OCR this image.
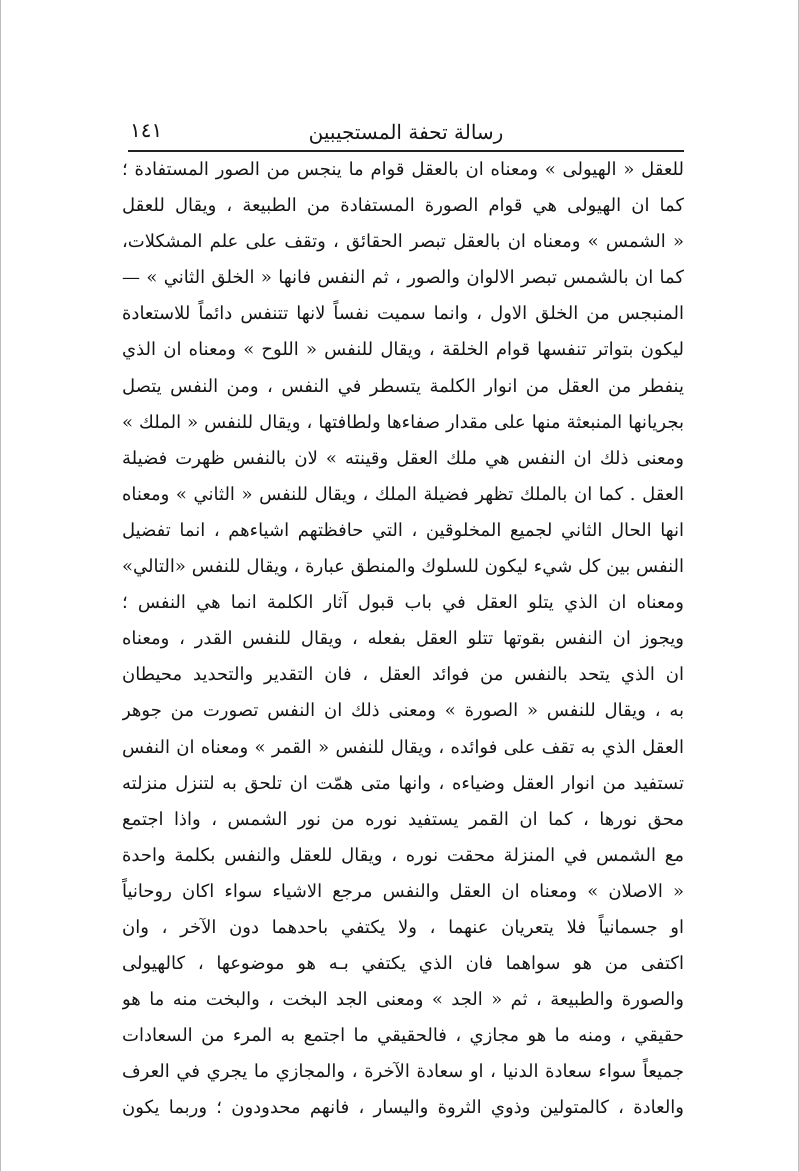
رسالة تحفة المستجيبين
١٤١
للعقل « الهيولى » ومعناه ان بالعقل قوام ما ينجس من الصور المستفادة ؛
كما ان الهيولى هي قوام الصورة المستفادة من الطبيعة ، ويقال للعقل
« الشمس » ومعناه ان بالعقل تبصر الحقائق ، وتقف على علم المشكلات،
كما ان بالشمس تبصر الالوان والصور ، ثم النفس فانها « الخلق الثاني » —
المنبجس من الخلق الاول ، وانما سميت نفساً لانها تتنفس دائماً للاستعادة
ليكون بتواتر تنفسها قوام الخلقة ، ويقال للنفس « اللوح » ومعناه ان الذي
ينفطر من العقل من انوار الكلمة يتسطر في النفس ، ومن النفس يتصل
بجريانها المنبعثة منها على مقدار صفاءها ولطافتها ، ويقال للنفس « الملك »
ومعنى ذلك ان النفس هي ملك العقل وقينته » لان بالنفس ظهرت فضيلة
العقل . كما ان بالملك تظهر فضيلة الملك ، ويقال للنفس « الثاني » ومعناه
انها الحال الثاني لجميع المخلوقين ، التي حافظتهم اشياءهم ، انما تفضيل
النفس بين كل شيء ليكون للسلوك والمنطق عبارة ، ويقال للنفس «التالي»
ومعناه ان الذي يتلو العقل في باب قبول آثار الكلمة انما هي النفس ؛
ويجوز ان النفس بقوتها تتلو العقل بفعله ، ويقال للنفس القدر ، ومعناه
ان الذي يتحد بالنفس من فوائد العقل ، فان التقدير والتحديد محيطان
به ، ويقال للنفس « الصورة » ومعنى ذلك ان النفس تصورت من جوهر
العقل الذي به تقف على فوائده ، ويقال للنفس « القمر » ومعناه ان النفس
تستفيد من انوار العقل وضياءه ، وانها متى همّت ان تلحق به لتنزل منزلته
محق نورها ، كما ان القمر يستفيد نوره من نور الشمس ، واذا اجتمع
مع الشمس في المنزلة محقت نوره ، ويقال للعقل والنفس بكلمة واحدة
« الاصلان » ومعناه ان العقل والنفس مرجع الاشياء سواء اكان روحانياً
او جسمانياً فلا يتعريان عنهما ، ولا يكتفي باحدهما دون الآخر ، وان
اكتفى من هو سواهما فان الذي يكتفي بـه هو موضوعها ، كالهيولى
والصورة والطبيعة ، ثم « الجد » ومعنى الجد البخت ، والبخت منه ما هو
حقيقي ، ومنه ما هو مجازي ، فالحقيقي ما اجتمع به المرء من السعادات
جميعاً سواء سعادة الدنيا ، او سعادة الآخرة ، والمجازي ما يجري في العرف
والعادة ، كالمتولين وذوي الثروة واليسار ، فانهم محدودون ؛ وربما يكون
